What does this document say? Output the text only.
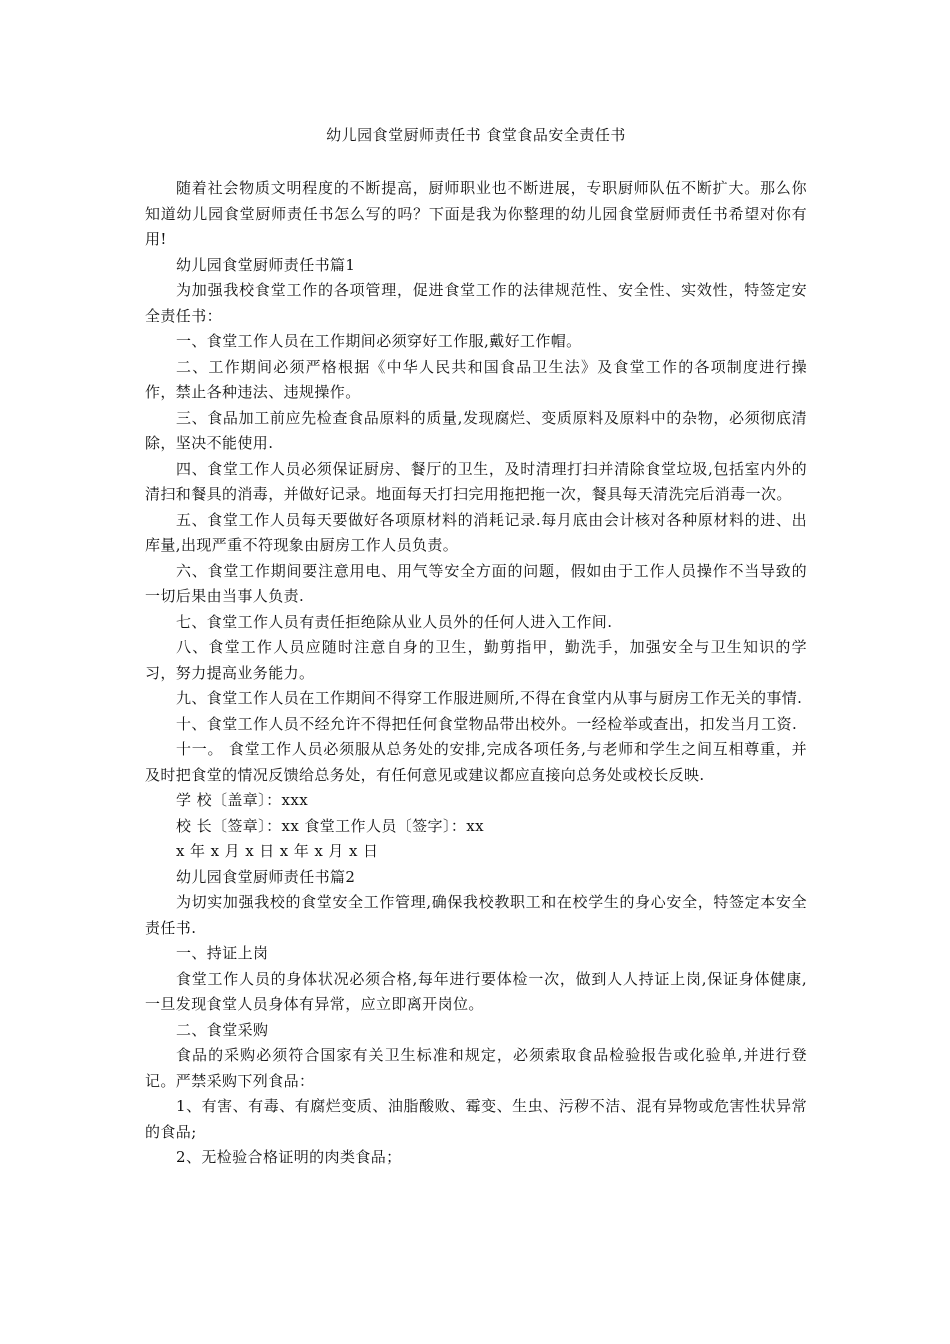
幼儿园食堂厨师责任书 食堂食品安全责任书

随着社会物质文明程度的不断提高，厨师职业也不断进展，专职厨师队伍不断扩大。那么你知道幼儿园食堂厨师责任书怎么写的吗？下面是我为你整理的幼儿园食堂厨师责任书希望对你有用!

幼儿园食堂厨师责任书篇1

为加强我校食堂工作的各项管理，促进食堂工作的法律规范性、安全性、实效性，特签定安全责任书：

一、食堂工作人员在工作期间必须穿好工作服,戴好工作帽。

二、工作期间必须严格根据《中华人民共和国食品卫生法》及食堂工作的各项制度进行操作，禁止各种违法、违规操作。

三、食品加工前应先检查食品原料的质量,发现腐烂、变质原料及原料中的杂物，必须彻底清除，坚决不能使用.

四、食堂工作人员必须保证厨房、餐厅的卫生，及时清理打扫并清除食堂垃圾,包括室内外的清扫和餐具的消毒，并做好记录。地面每天打扫完用拖把拖一次，餐具每天清洗完后消毒一次。

五、食堂工作人员每天要做好各项原材料的消耗记录.每月底由会计核对各种原材料的进、出库量,出现严重不符现象由厨房工作人员负责。

六、食堂工作期间要注意用电、用气等安全方面的问题，假如由于工作人员操作不当导致的一切后果由当事人负责.

七、食堂工作人员有责任拒绝除从业人员外的任何人进入工作间.

八、食堂工作人员应随时注意自身的卫生，勤剪指甲，勤洗手，加强安全与卫生知识的学习，努力提高业务能力。

九、食堂工作人员在工作期间不得穿工作服进厕所,不得在食堂内从事与厨房工作无关的事情.

十、食堂工作人员不经允许不得把任何食堂物品带出校外。一经检举或查出，扣发当月工资.

十一。 食堂工作人员必须服从总务处的安排,完成各项任务,与老师和学生之间互相尊重，并及时把食堂的情况反馈给总务处，有任何意见或建议都应直接向总务处或校长反映.

学 校〔盖章〕：xxx

校 长〔签章〕：xx 食堂工作人员〔签字〕：xx

x 年 x 月 x 日 x 年 x 月 x 日

幼儿园食堂厨师责任书篇2

为切实加强我校的食堂安全工作管理,确保我校教职工和在校学生的身心安全，特签定本安全责任书.

一、持证上岗

食堂工作人员的身体状况必须合格,每年进行要体检一次，做到人人持证上岗,保证身体健康,一旦发现食堂人员身体有异常，应立即离开岗位。

二、食堂采购

食品的采购必须符合国家有关卫生标准和规定，必须索取食品检验报告或化验单,并进行登记。严禁采购下列食品：

1、有害、有毒、有腐烂变质、油脂酸败、霉变、生虫、污秽不洁、混有异物或危害性状异常的食品;

2、无检验合格证明的肉类食品；
